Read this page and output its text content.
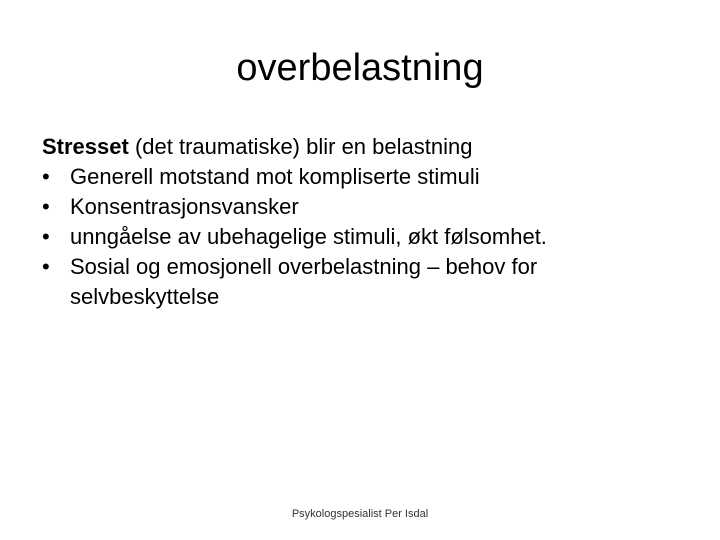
overbelastning

Stresset (det traumatiske) blir en belastning

• Generell motstand mot kompliserte stimuli
• Konsentrasjonsvansker
• unngåelse av ubehagelige stimuli, økt følsomhet.
• Sosial og emosjonell overbelastning – behov for selvbeskyttelse
Psykologspesialist Per Isdal
